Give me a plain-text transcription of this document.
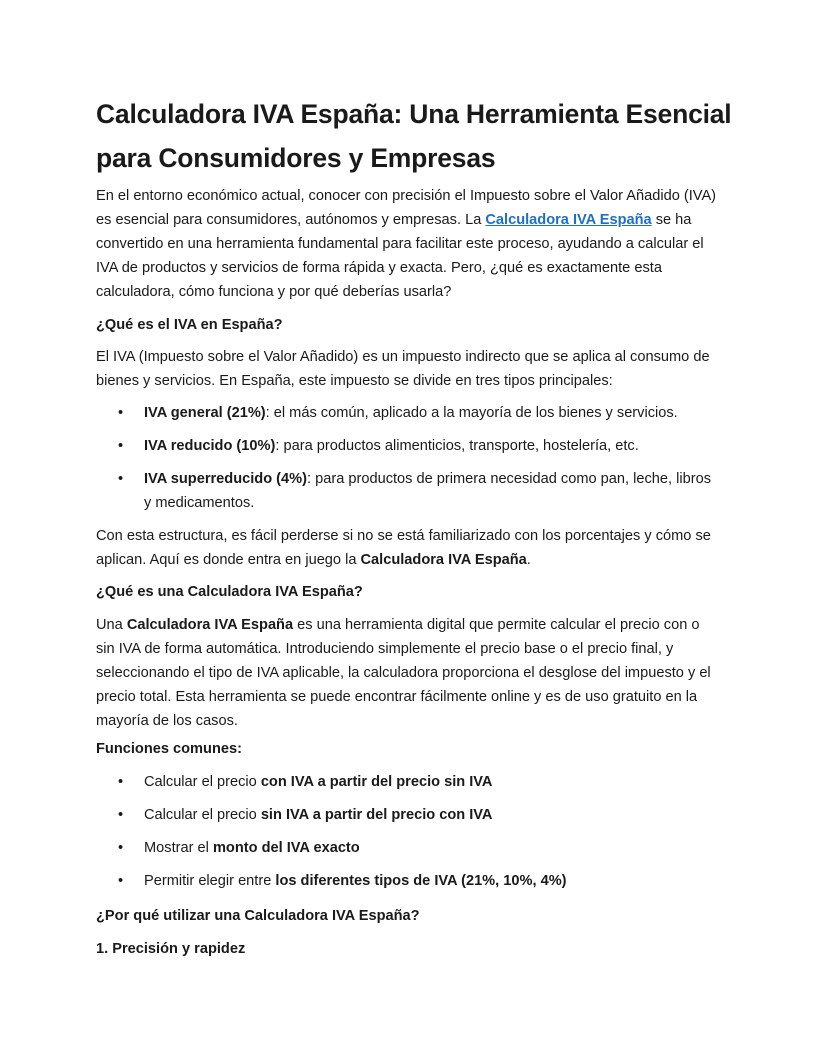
Calculadora IVA España: Una Herramienta Esencial para Consumidores y Empresas

En el entorno económico actual, conocer con precisión el Impuesto sobre el Valor Añadido (IVA) es esencial para consumidores, autónomos y empresas. La Calculadora IVA España se ha convertido en una herramienta fundamental para facilitar este proceso, ayudando a calcular el IVA de productos y servicios de forma rápida y exacta. Pero, ¿qué es exactamente esta calculadora, cómo funciona y por qué deberías usarla?

¿Qué es el IVA en España?

El IVA (Impuesto sobre el Valor Añadido) es un impuesto indirecto que se aplica al consumo de bienes y servicios. En España, este impuesto se divide en tres tipos principales:

• IVA general (21%): el más común, aplicado a la mayoría de los bienes y servicios.
• IVA reducido (10%): para productos alimenticios, transporte, hostelería, etc.
• IVA superreducido (4%): para productos de primera necesidad como pan, leche, libros y medicamentos.

Con esta estructura, es fácil perderse si no se está familiarizado con los porcentajes y cómo se aplican. Aquí es donde entra en juego la Calculadora IVA España.

¿Qué es una Calculadora IVA España?

Una Calculadora IVA España es una herramienta digital que permite calcular el precio con o sin IVA de forma automática. Introduciendo simplemente el precio base o el precio final, y seleccionando el tipo de IVA aplicable, la calculadora proporciona el desglose del impuesto y el precio total. Esta herramienta se puede encontrar fácilmente online y es de uso gratuito en la mayoría de los casos.

Funciones comunes:

• Calcular el precio con IVA a partir del precio sin IVA
• Calcular el precio sin IVA a partir del precio con IVA
• Mostrar el monto del IVA exacto
• Permitir elegir entre los diferentes tipos de IVA (21%, 10%, 4%)

¿Por qué utilizar una Calculadora IVA España?

1. Precisión y rapidez
